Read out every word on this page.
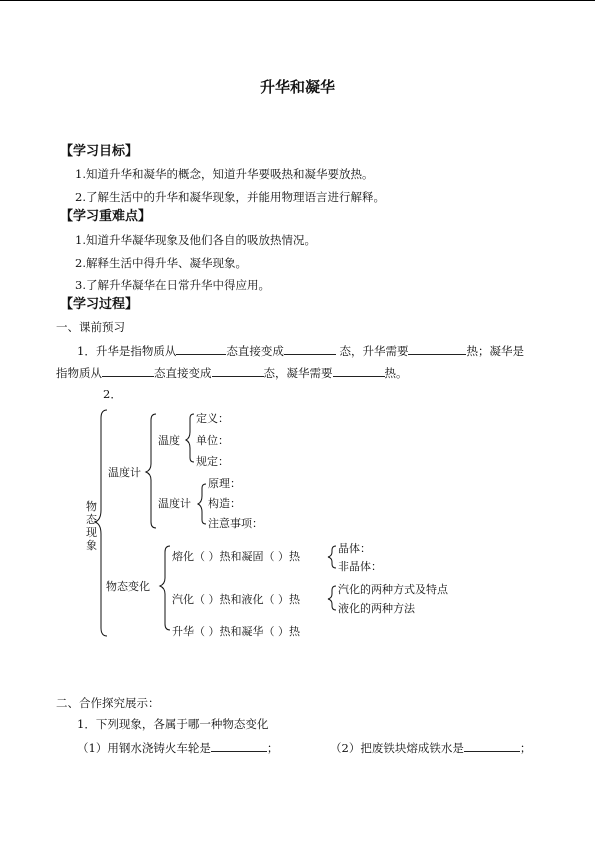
升华和凝华
【学习目标】
1.知道升华和凝华的概念，知道升华要吸热和凝华要放热。
2.了解生活中的升华和凝华现象，并能用物理语言进行解释。
【学习重难点】
1.知道升华凝华现象及他们各自的吸放热情况。
2.解释生活中得升华、凝华现象。
3.了解升华凝华在日常升华中得应用。
【学习过程】
一、课前预习
1．升华是指物质从	态直接变成	态，升华需要	热；凝华是
指物质从	态直接变成	态，凝华需要	热。
2．
物态现象
温度计
温度
定义：
单位：
规定：
温度计
原理：
构造：
注意事项：
物态变化
熔化（ ）热和凝固（ ）热
晶体：
非晶体：
汽化（ ）热和液化（ ）热
汽化的两种方式及特点
液化的两种方法
升华（ ）热和凝华（ ）热
二、合作探究展示：
1．下列现象，各属于哪一种物态变化
（1）用钢水浇铸火车轮是	；	（2）把废铁块熔成铁水是	；
